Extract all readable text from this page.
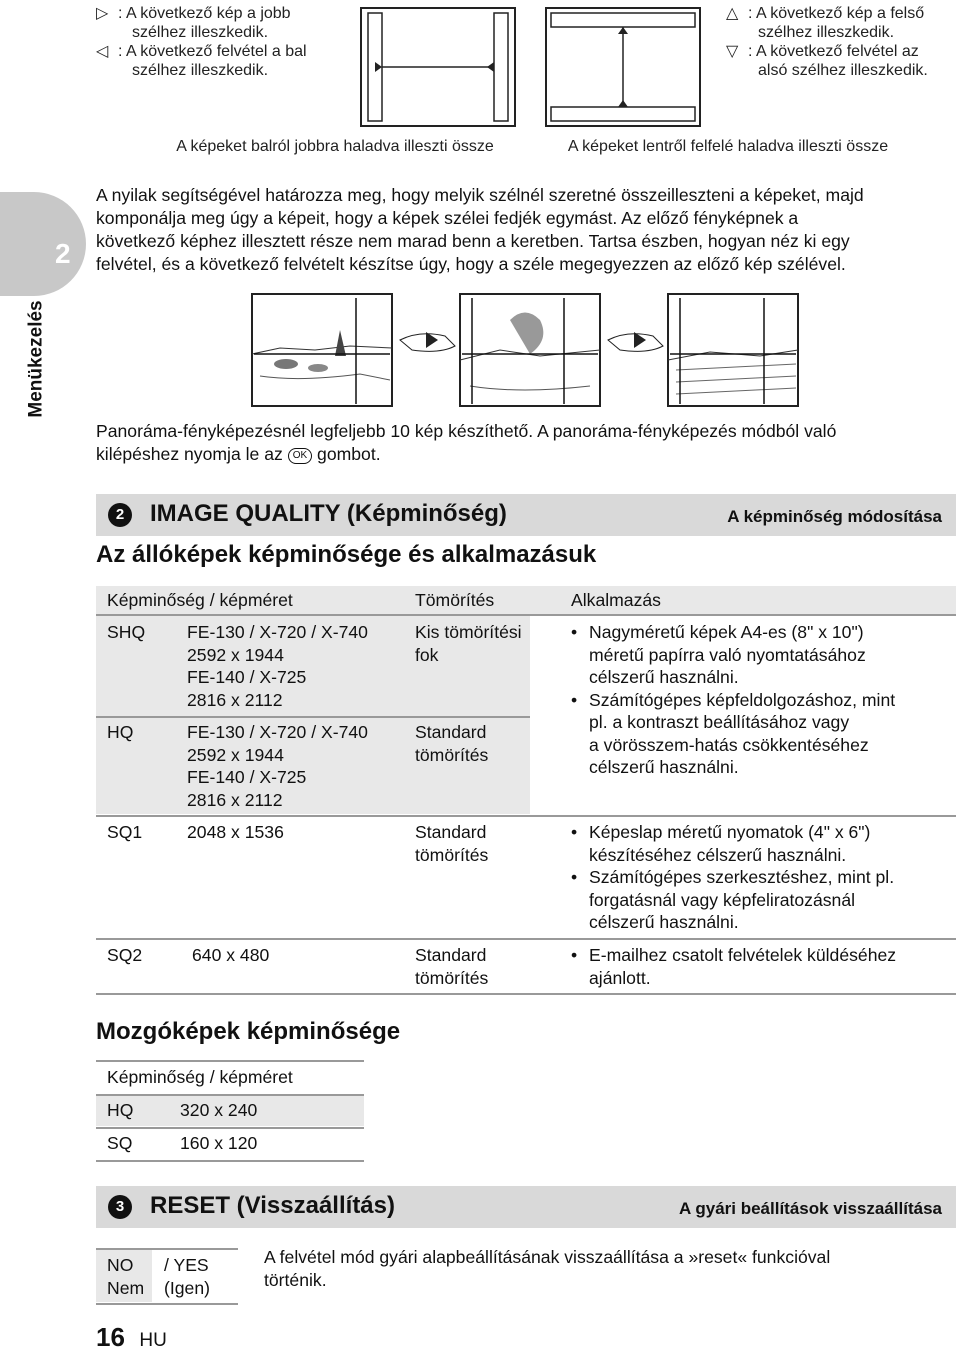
▷ : A következő kép a jobb
szélhez illeszkedik.
◁ : A következő felvétel a bal
szélhez illeszkedik.
△ : A következő kép a felső
szélhez illeszkedik.
▽ : A következő felvétel az
alsó szélhez illeszkedik.
A képeket balról jobbra haladva illeszti össze	A képeket lentről felfelé haladva illeszti össze
2
Menükezelés
A nyilak segítségével határozza meg, hogy melyik szélnél szeretné összeilleszteni a képeket, majd
komponálja meg úgy a képeit, hogy a képek szélei fedjék egymást. Az előző fényképnek a
következő képhez illesztett része nem marad benn a keretben. Tartsa észben, hogyan néz ki egy
felvétel, és a következő felvételt készítse úgy, hogy a széle megegyezzen az előző kép szélével.
Panoráma-fényképezésnél legfeljebb 10 kép készíthető. A panoráma-fényképezés módból való
kilépéshez nyomja le az OK gombot.
2	IMAGE QUALITY (Képminőség)	A képminőség módosítása
Az állóképek képminősége és alkalmazásuk
Képminőség / képméret	Tömörítés	Alkalmazás
SHQ FE-130 / X-720 / X-740
2592 x 1944
FE-140 / X-725
2816 x 2112
Kis tömörítési
fok
HQ	FE-130 / X-720 / X-740
2592 x 1944
FE-140 / X-725
2816 x 2112
Standard
tömörítés
• Nagyméretű képek A4-es (8" x 10")
méretű papírra való nyomtatásához
célszerű használni.
• Számítógépes képfeldolgozáshoz, mint
pl. a kontraszt beállításához vagy
a vörösszem-hatás csökkentéséhez
célszerű használni.
SQ1	2048 x 1536	Standard
tömörítés
• Képeslap méretű nyomatok (4" x 6")
készítéséhez célszerű használni.
• Számítógépes szerkesztéshez, mint pl.
forgatásnál vagy képfeliratozásnál
célszerű használni.
SQ2	640 x 480	Standard
tömörítés
• E-mailhez csatolt felvételek küldéséhez
ajánlott.
Mozgóképek képminősége
Képminőség / képméret
HQ	320 x 240
SQ	160 x 120
3	RESET (Visszaállítás)	A gyári beállítások visszaállítása
NO / YES
Nem (Igen)
A felvétel mód gyári alapbeállításának visszaállítása a »reset« funkcióval
történik.
16 HU
